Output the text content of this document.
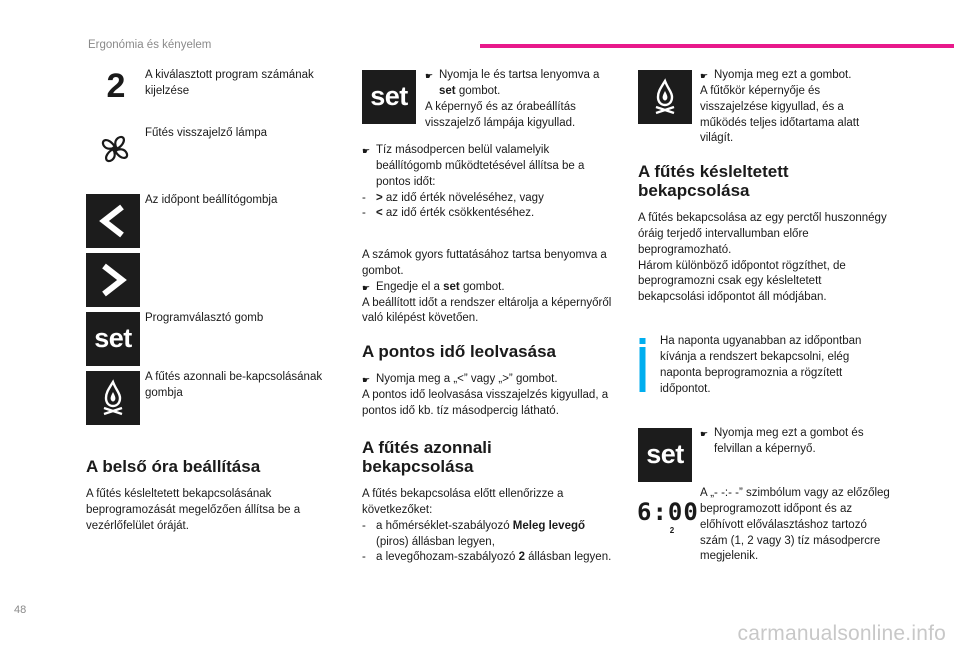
Ergonómia és kényelem
2 A kiválasztott program számának kijelzése
Fűtés visszajelző lámpa
Az időpont beállítógombja
set
Programválasztó gomb
A fűtés azonnali be-kapcsolásának gombja
A belső óra beállítása
A fűtés késleltetett bekapcsolásának beprogramozását megelőzően állítsa be a vezérlőfelület óráját.
set
☛ Nyomja le és tartsa lenyomva a set gombot.
A képernyő és az órabeállítás visszajelző lámpája kigyullad.
☛ Tíz másodpercen belül valamelyik beállítógomb működtetésével állítsa be a pontos időt:
- > az idő érték növeléséhez, vagy
- < az idő érték csökkentéséhez.
A számok gyors futtatásához tartsa benyomva a gombot.
☛ Engedje el a set gombot.
A beállított időt a rendszer eltárolja a képernyőről való kilépést követően.
A pontos idő leolvasása
☛ Nyomja meg a „<” vagy „>” gombot.
A pontos idő leolvasása visszajelzés kigyullad, a pontos idő kb. tíz másodpercig látható.
A fűtés azonnali bekapcsolása
A fűtés bekapcsolása előtt ellenőrizze a következőket:
- a hőmérséklet-szabályozó Meleg levegő (piros) állásban legyen,
- a levegőhozam-szabályozó 2 állásban legyen.
☛ Nyomja meg ezt a gombot.
A fűtőkör képernyője és visszajelzése kigyullad, és a működés teljes időtartama alatt világít.
A fűtés késleltetett bekapcsolása
A fűtés bekapcsolása az egy perctől huszonnégy óráig terjedő intervallumban előre beprogramozható.
Három különböző időpontot rögzíthet, de beprogramozni csak egy késleltetett bekapcsolási időpontot áll módjában.
Ha naponta ugyanabban az időpontban kívánja a rendszert bekapcsolni, elég naponta beprogramoznia a rögzített időpontot.
set
☛ Nyomja meg ezt a gombot és felvillan a képernyő.
6:00
2
A „- -:- -” szimbólum vagy az előzőleg beprogramozott időpont és az előhívott előválasztáshoz tartozó szám (1, 2 vagy 3) tíz másodpercre megjelenik.
48
carmanualsonline.info
